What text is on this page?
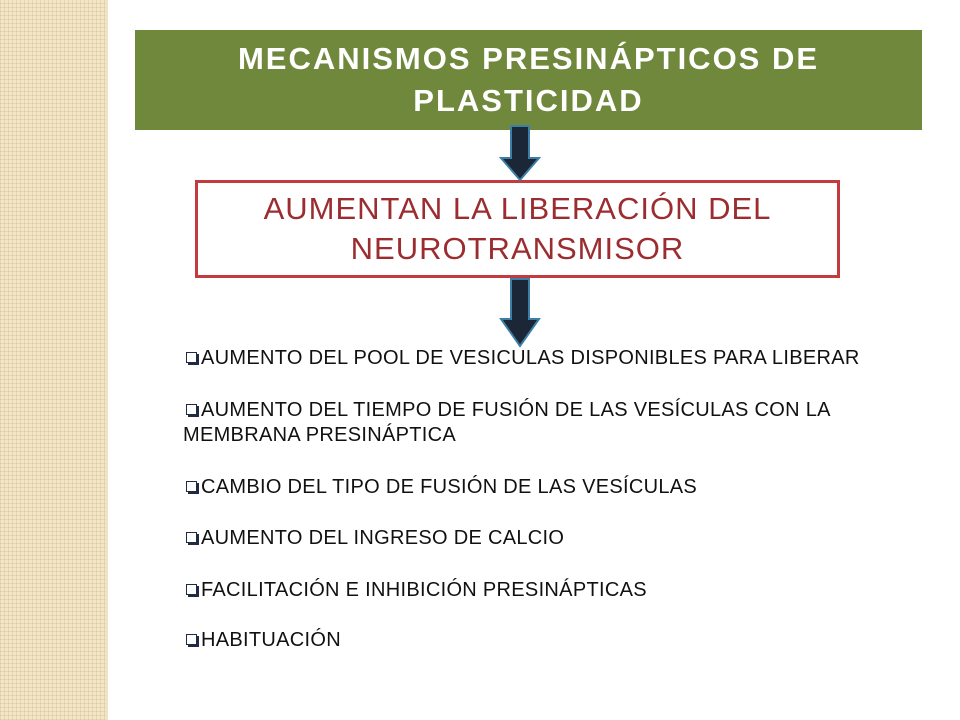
MECANISMOS PRESINÁPTICOS DE
PLASTICIDAD
AUMENTAN LA LIBERACIÓN DEL
NEUROTRANSMISOR
AUMENTO DEL POOL DE VESICULAS DISPONIBLES PARA LIBERAR
AUMENTO DEL TIEMPO DE FUSIÓN DE LAS VESÍCULAS CON LA
MEMBRANA PRESINÁPTICA
CAMBIO DEL TIPO DE FUSIÓN DE LAS VESÍCULAS
AUMENTO DEL INGRESO DE CALCIO
FACILITACIÓN E INHIBICIÓN PRESINÁPTICAS
HABITUACIÓN
